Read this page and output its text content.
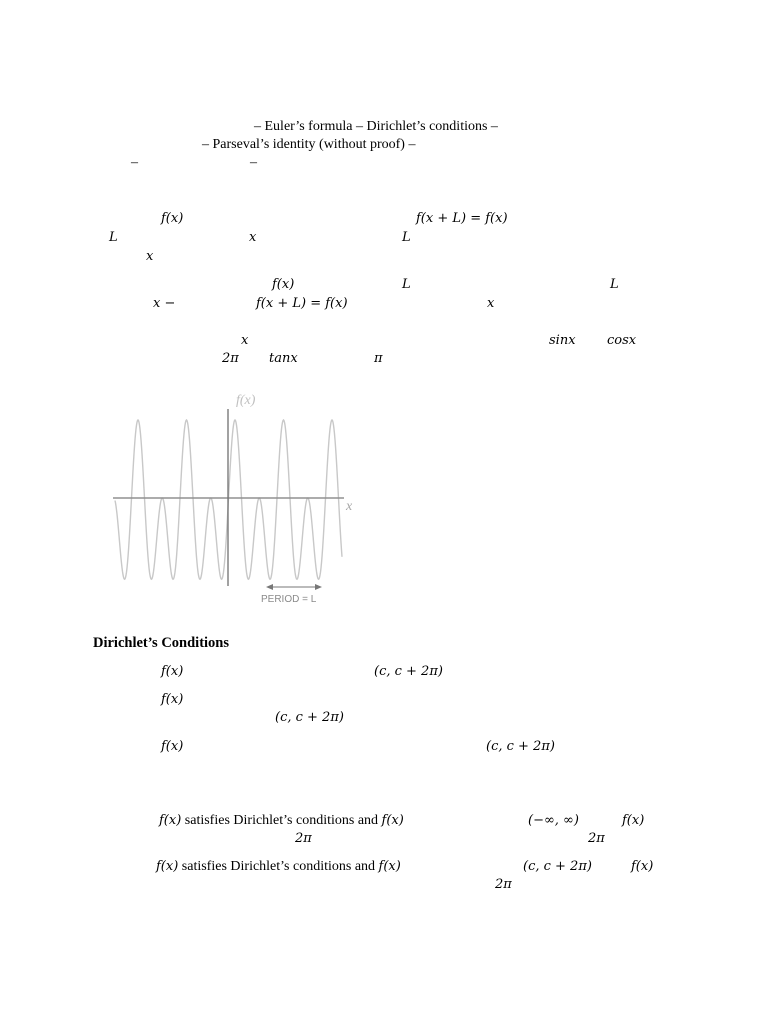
– Euler’s formula – Dirichlet’s conditions –
– Parseval’s identity (without proof) –
–	–
f(x)	f(x + L) = f(x)
L	x	L
x
f(x)	L	L
x −	f(x + L) = f(x)	x
x	sinx cosx
2π tanx	π
f(x)
x
PERIOD = L
Dirichlet’s Conditions
f(x)	(c, c + 2π)
f(x)
(c, c + 2π)
f(x)	(c, c + 2π)
f(x) satisfies Dirichlet’s conditions and f(x)	(−∞, ∞)	f(x)
2π	2π
f(x) satisfies Dirichlet’s conditions and f(x)	(c, c + 2π)	f(x)
2π
